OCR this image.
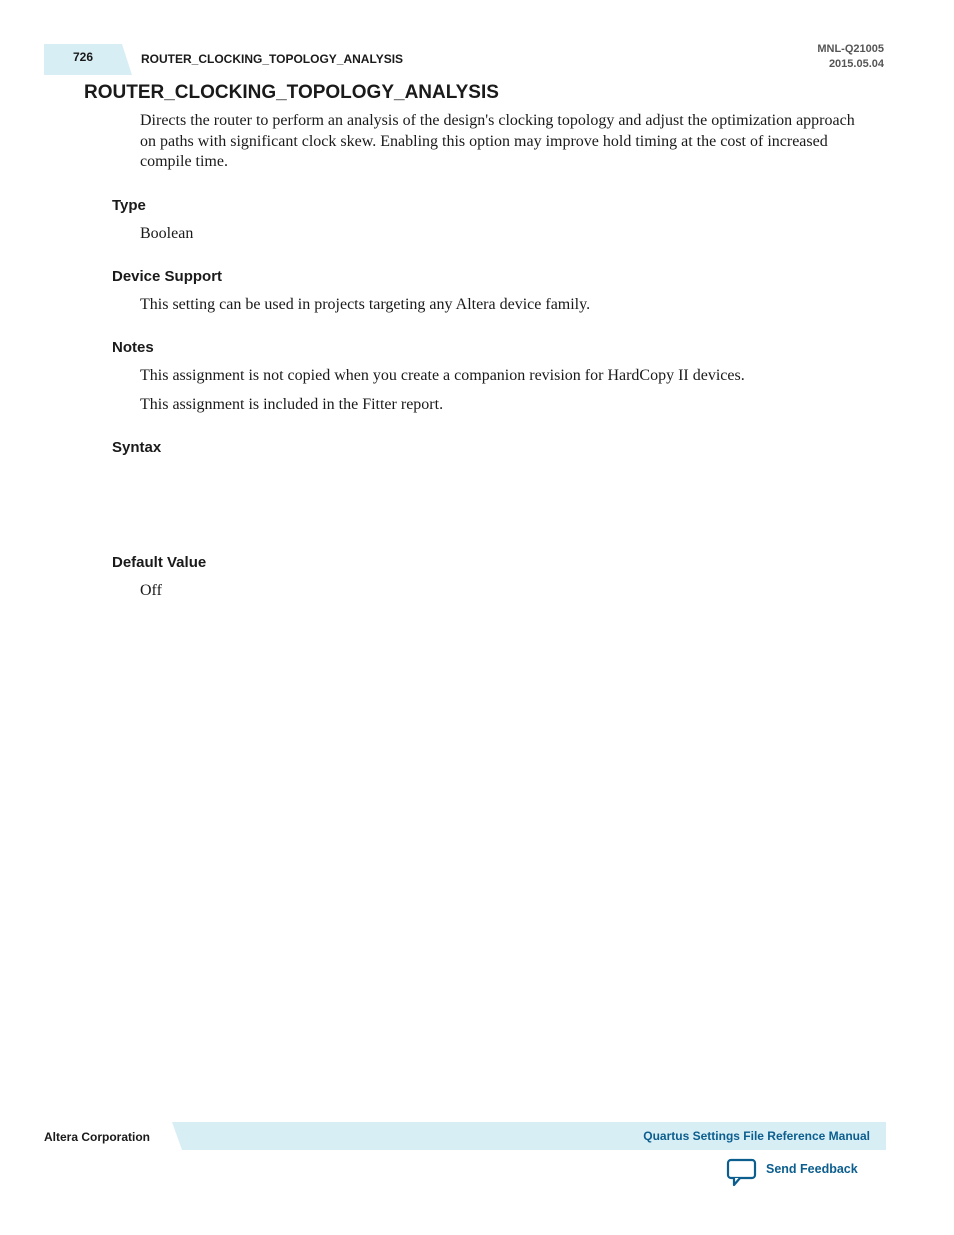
726	ROUTER_CLOCKING_TOPOLOGY_ANALYSIS
MNL-Q21005
2015.05.04
ROUTER_CLOCKING_TOPOLOGY_ANALYSIS
Directs the router to perform an analysis of the design's clocking topology and adjust the optimization approach on paths with significant clock skew. Enabling this option may improve hold timing at the cost of increased compile time.
Type
Boolean
Device Support
This setting can be used in projects targeting any Altera device family.
Notes
This assignment is not copied when you create a companion revision for HardCopy II devices.
This assignment is included in the Fitter report.
Syntax
Default Value
Off
Altera Corporation	Quartus Settings File Reference Manual
Send Feedback
